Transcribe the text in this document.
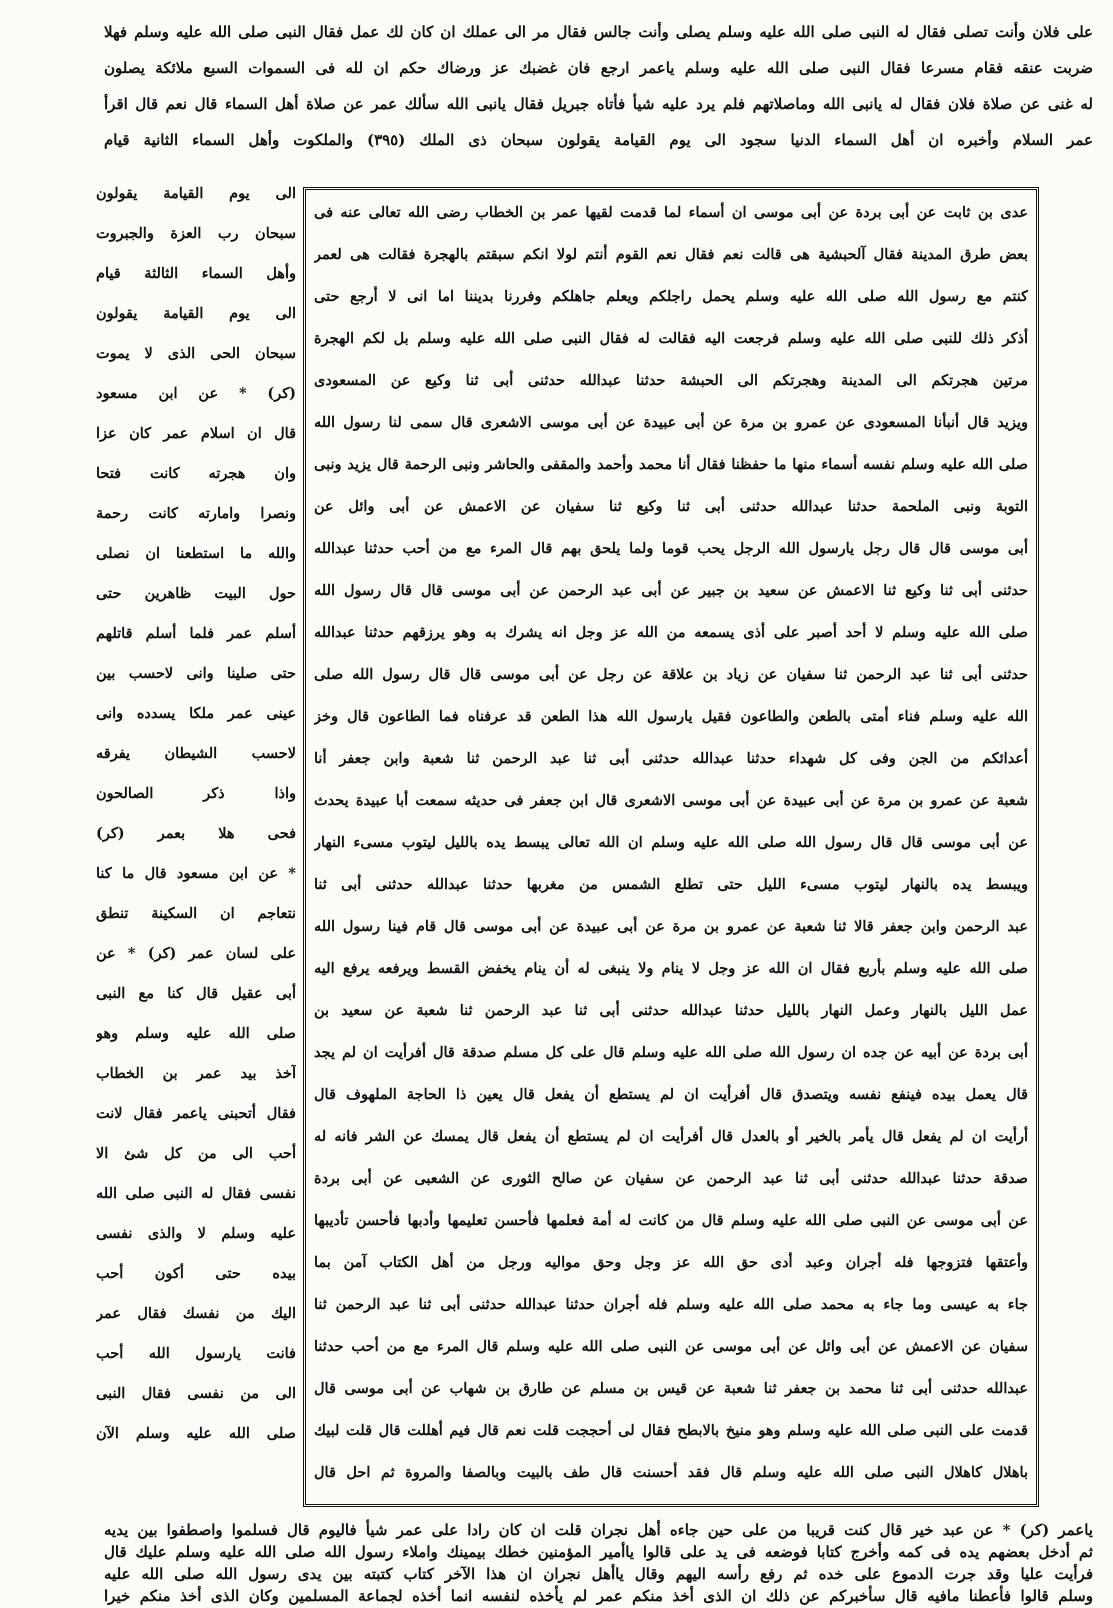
على فلان وأنت تصلى فقال له النبى صلى الله عليه وسلم يصلى وأنت جالس فقال مر الى عملك ان كان لك عمل فقال النبى صلى الله عليه وسلم فهلا
ضربت عنقه فقام مسرعا فقال النبى صلى الله عليه وسلم ياعمر ارجع فان غضبك عز ورضاك حكم ان لله فى السموات السبع ملائكة يصلون
له غنى عن صلاة فلان فقال له يانبى الله وماصلاتهم فلم يرد عليه شيأ فأتاه جبريل فقال يانبى الله سألك عمر عن صلاة أهل السماء قال نعم قال اقرأ
عمر السلام وأخبره ان أهل السماء الدنيا سجود الى يوم القيامة يقولون سبحان ذى الملك (٣٩٥) والملكوت وأهل السماء الثانية قيام
عدى بن ثابت عن أبى بردة عن أبى موسى ان أسماء لما قدمت لقيها عمر بن الخطاب رضى الله تعالى عنه فى
بعض طرق المدينة فقال آلحبشية هى قالت نعم فقال نعم القوم أنتم لولا انكم سبقتم بالهجرة فقالت هى لعمر
كنتم مع رسول الله صلى الله عليه وسلم يحمل راجلكم ويعلم جاهلكم وفررنا بديننا اما انى لا أرجع حتى
أذكر ذلك للنبى صلى الله عليه وسلم فرجعت اليه فقالت له فقال النبى صلى الله عليه وسلم بل لكم الهجرة
مرتين هجرتكم الى المدينة وهجرتكم الى الحبشة حدثنا عبدالله حدثنى أبى ثنا وكيع عن المسعودى
ويزيد قال أنبأنا المسعودى عن عمرو بن مرة عن أبى عبيدة عن أبى موسى الاشعرى قال سمى لنا رسول الله
صلى الله عليه وسلم نفسه أسماء منها ما حفظنا فقال أنا محمد وأحمد والمقفى والحاشر ونبى الرحمة قال يزيد ونبى
التوبة ونبى الملحمة حدثنا عبدالله حدثنى أبى ثنا وكيع ثنا سفيان عن الاعمش عن أبى وائل عن
أبى موسى قال قال رجل يارسول الله الرجل يحب قوما ولما يلحق بهم قال المرء مع من أحب حدثنا عبدالله
حدثنى أبى ثنا وكيع ثنا الاعمش عن سعيد بن جبير عن أبى عبد الرحمن عن أبى موسى قال قال رسول الله
صلى الله عليه وسلم لا أحد أصبر على أذى يسمعه من الله عز وجل انه يشرك به وهو يرزقهم حدثنا عبدالله
حدثنى أبى ثنا عبد الرحمن ثنا سفيان عن زياد بن علاقة عن رجل عن أبى موسى قال قال رسول الله صلى
الله عليه وسلم فناء أمتى بالطعن والطاعون فقيل يارسول الله هذا الطعن قد عرفناه فما الطاعون قال وخز
أعدائكم من الجن وفى كل شهداء حدثنا عبدالله حدثنى أبى ثنا عبد الرحمن ثنا شعبة وابن جعفر أنا
شعبة عن عمرو بن مرة عن أبى عبيدة عن أبى موسى الاشعرى قال ابن جعفر فى حديثه سمعت أبا عبيدة يحدث
عن أبى موسى قال قال رسول الله صلى الله عليه وسلم ان الله تعالى يبسط يده بالليل ليتوب مسىء النهار
ويبسط يده بالنهار ليتوب مسىء الليل حتى تطلع الشمس من مغربها حدثنا عبدالله حدثنى أبى ثنا
عبد الرحمن وابن جعفر قالا ثنا شعبة عن عمرو بن مرة عن أبى عبيدة عن أبى موسى قال قام فينا رسول الله
صلى الله عليه وسلم بأربع فقال ان الله عز وجل لا ينام ولا ينبغى له أن ينام يخفض القسط ويرفعه يرفع اليه
عمل الليل بالنهار وعمل النهار بالليل حدثنا عبدالله حدثنى أبى ثنا عبد الرحمن ثنا شعبة عن سعيد بن
أبى بردة عن أبيه عن جده ان رسول الله صلى الله عليه وسلم قال على كل مسلم صدقة قال أفرأيت ان لم يجد
قال يعمل بيده فينفع نفسه ويتصدق قال أفرأيت ان لم يستطع أن يفعل قال يعين ذا الحاجة الملهوف قال
أرأيت ان لم يفعل قال يأمر بالخير أو بالعدل قال أفرأيت ان لم يستطع أن يفعل قال يمسك عن الشر فانه له
صدقة حدثنا عبدالله حدثنى أبى ثنا عبد الرحمن عن سفيان عن صالح الثورى عن الشعبى عن أبى بردة
عن أبى موسى عن النبى صلى الله عليه وسلم قال من كانت له أمة فعلمها فأحسن تعليمها وأدبها فأحسن تأديبها
وأعتقها فتزوجها فله أجران وعبد أدى حق الله عز وجل وحق مواليه ورجل من أهل الكتاب آمن بما
جاء به عيسى وما جاء به محمد صلى الله عليه وسلم فله أجران حدثنا عبدالله حدثنى أبى ثنا عبد الرحمن ثنا
سفيان عن الاعمش عن أبى وائل عن أبى موسى عن النبى صلى الله عليه وسلم قال المرء مع من أحب حدثنا
عبدالله حدثنى أبى ثنا محمد بن جعفر ثنا شعبة عن قيس بن مسلم عن طارق بن شهاب عن أبى موسى قال
قدمت على النبى صلى الله عليه وسلم وهو منيخ بالابطح فقال لى أحججت قلت نعم قال فيم أهللت قال قلت لبيك
باهلال كاهلال النبى صلى الله عليه وسلم قال فقد أحسنت قال طف بالبيت وبالصفا والمروة ثم احل قال
الى يوم القيامة يقولون
سبحان رب العزة والجبروت
وأهل السماء الثالثة قيام
الى يوم القيامة يقولون
سبحان الحى الذى لا يموت
(كر) * عن ابن مسعود
قال ان اسلام عمر كان عزا
وان هجرته كانت فتحا
ونصرا وامارته كانت رحمة
والله ما استطعنا ان نصلى
حول البيت ظاهرين حتى
أسلم عمر فلما أسلم قاتلهم
حتى صلينا وانى لاحسب بين
عينى عمر ملكا يسدده وانى
لاحسب الشيطان يفرقه
واذا ذكر الصالحون
فحى هلا بعمر (كر)
* عن ابن مسعود قال ما كنا
نتعاجم ان السكينة تنطق
على لسان عمر (كر) * عن
أبى عقيل قال كنا مع النبى
صلى الله عليه وسلم وهو
آخذ بيد عمر بن الخطاب
فقال أتحبنى ياعمر فقال لانت
أحب الى من كل شئ الا
نفسى فقال له النبى صلى الله
عليه وسلم لا والذى نفسى
بيده حتى أكون أحب
اليك من نفسك فقال عمر
فانت يارسول الله أحب
الى من نفسى فقال النبى
صلى الله عليه وسلم الآن
ياعمر (كر) * عن عبد خير قال كنت قريبا من على حين جاءه أهل نجران قلت ان كان رادا على عمر شيأ فاليوم قال فسلموا واصطفوا بين يديه
ثم أدخل بعضهم يده فى كمه وأخرج كتابا فوضعه فى يد على قالوا ياأمير المؤمنين خطك بيمينك واملاء رسول الله صلى الله عليه وسلم عليك قال
فرأيت عليا وقد جرت الدموع على خده ثم رفع رأسه اليهم وقال ياأهل نجران ان هذا الآخر كتاب كتبته بين يدى رسول الله صلى الله عليه
وسلم قالوا فأعطنا مافيه قال سأخبركم عن ذلك ان الذى أخذ منكم عمر لم يأخذه لنفسه انما أخذه لجماعة المسلمين وكان الذى أخذ منكم خيرا
